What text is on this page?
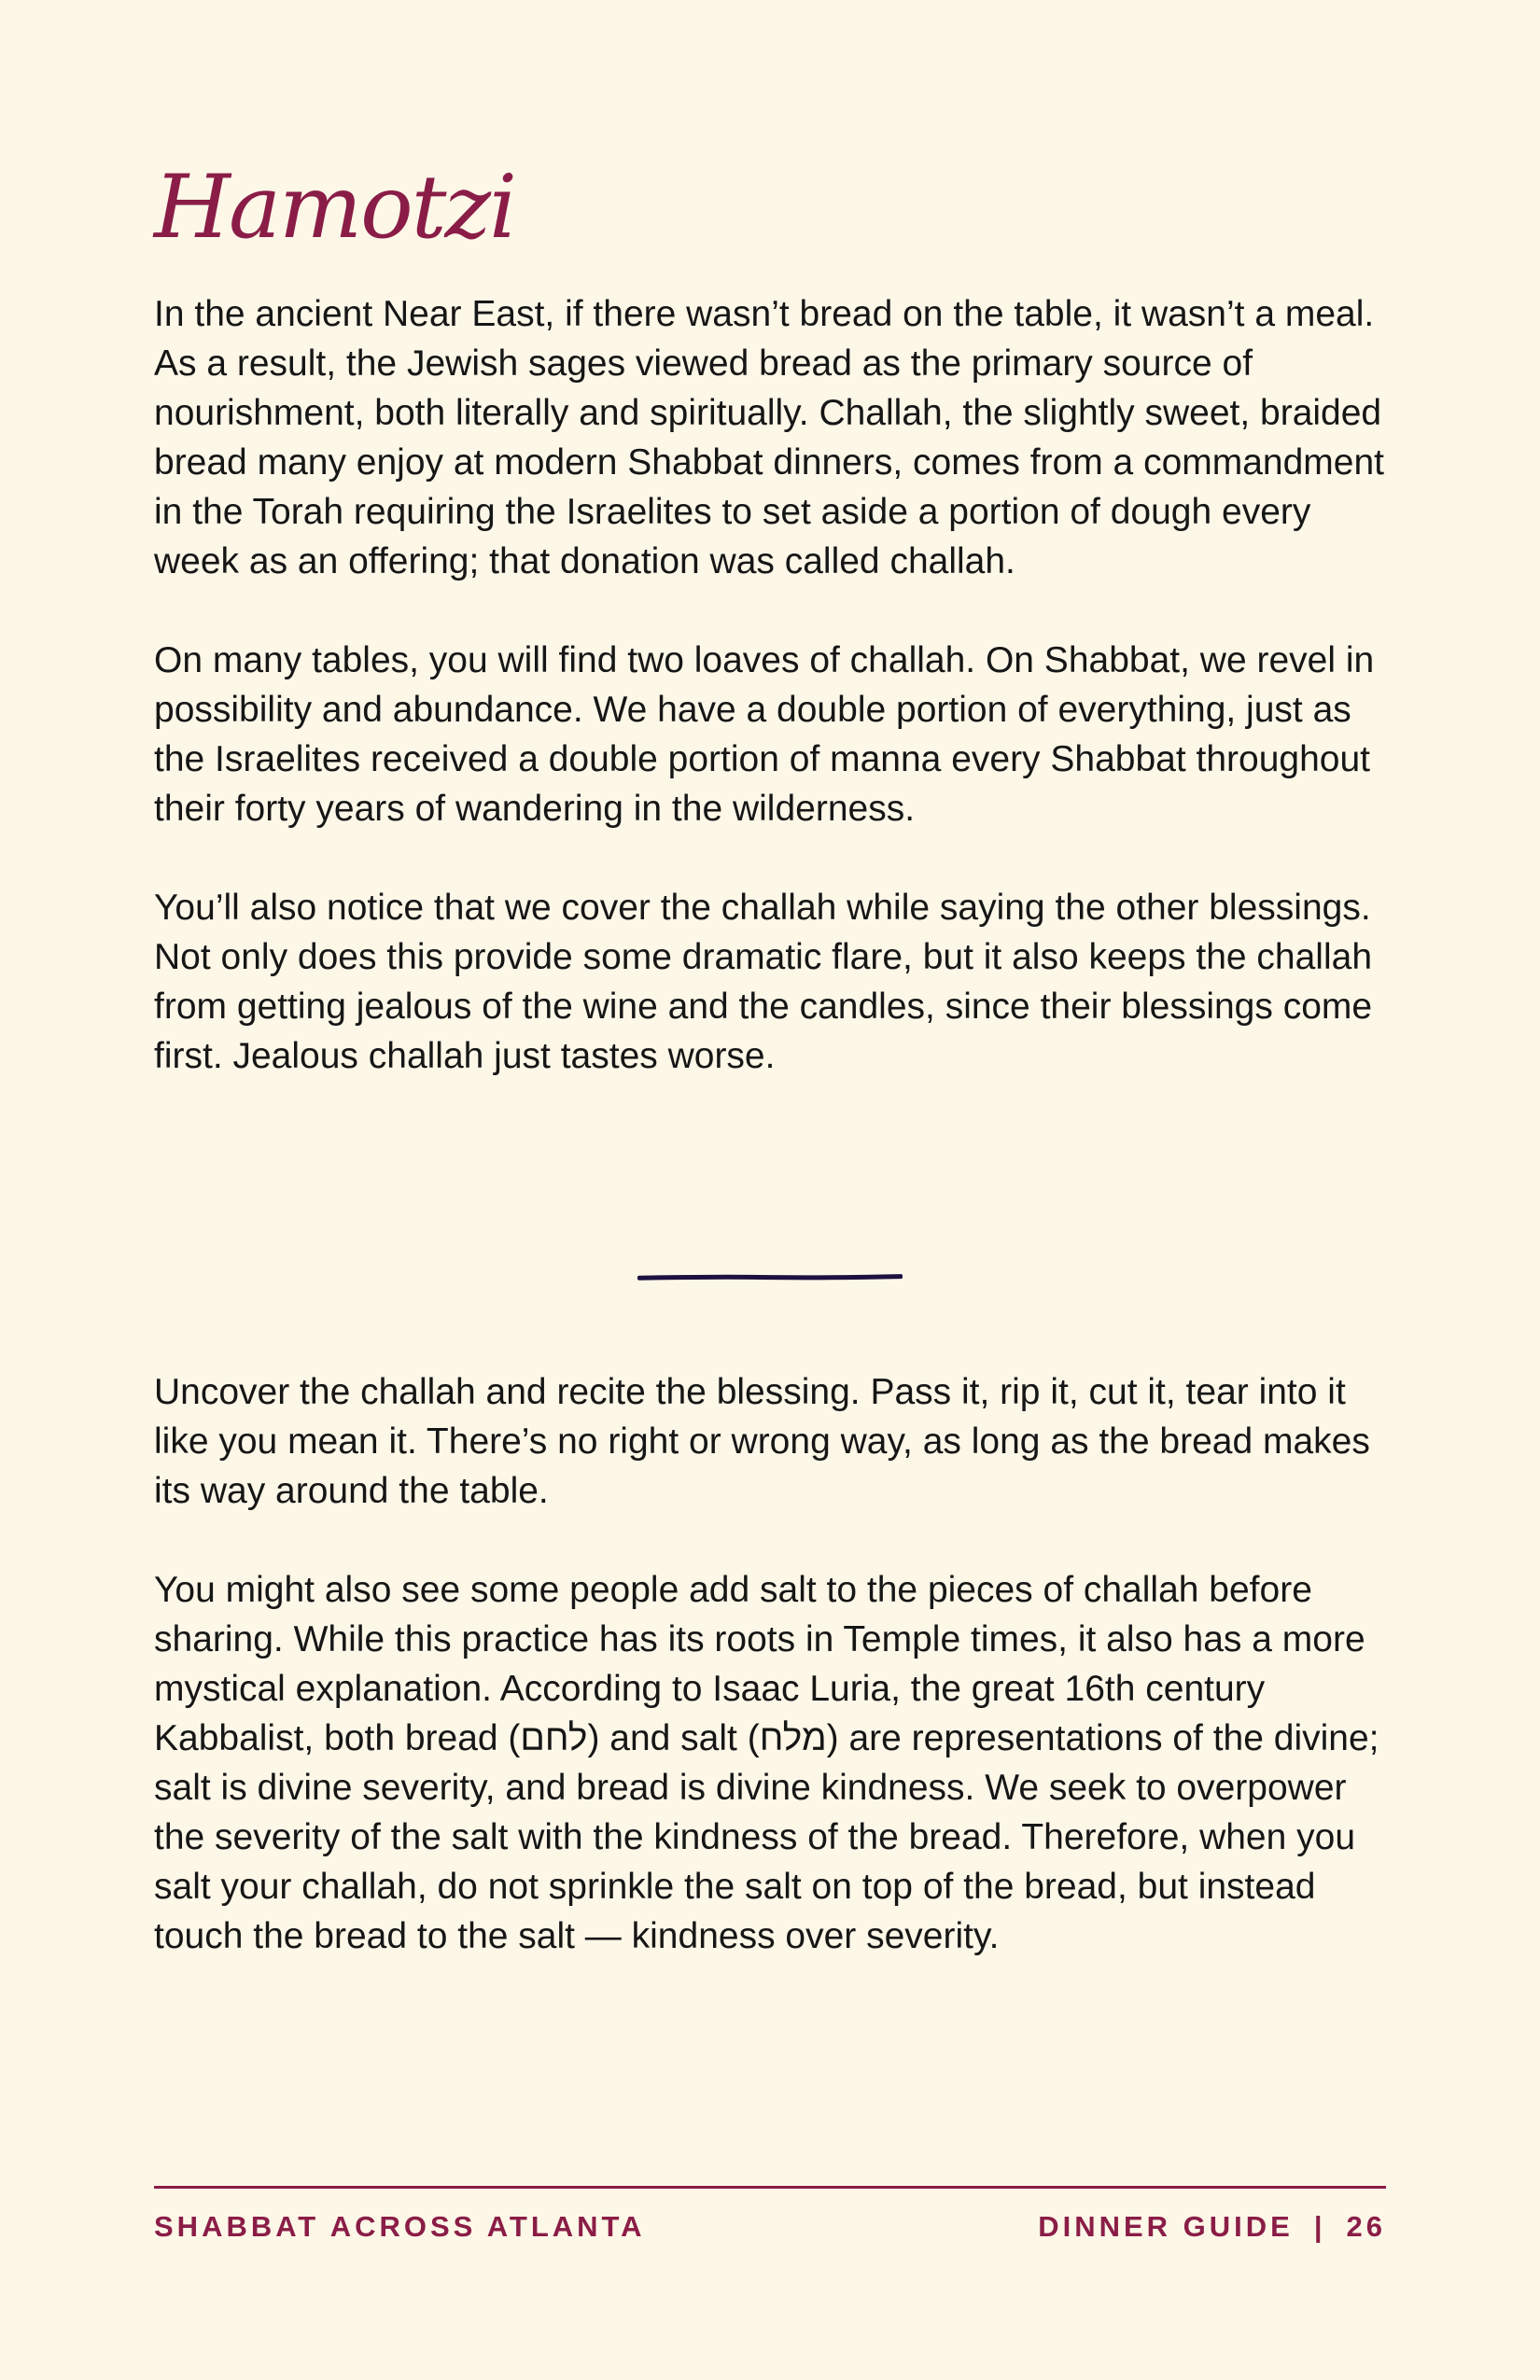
Hamotzi

In the ancient Near East, if there wasn’t bread on the table, it wasn’t a meal. As a result, the Jewish sages viewed bread as the primary source of nourishment, both literally and spiritually. Challah, the slightly sweet, braided bread many enjoy at modern Shabbat dinners, comes from a commandment in the Torah requiring the Israelites to set aside a portion of dough every week as an offering; that donation was called challah.

On many tables, you will find two loaves of challah. On Shabbat, we revel in possibility and abundance. We have a double portion of everything, just as the Israelites received a double portion of manna every Shabbat throughout their forty years of wandering in the wilderness.

You’ll also notice that we cover the challah while saying the other blessings. Not only does this provide some dramatic flare, but it also keeps the challah from getting jealous of the wine and the candles, since their blessings come first. Jealous challah just tastes worse.

Uncover the challah and recite the blessing. Pass it, rip it, cut it, tear into it like you mean it. There’s no right or wrong way, as long as the bread makes its way around the table.

You might also see some people add salt to the pieces of challah before sharing. While this practice has its roots in Temple times, it also has a more mystical explanation. According to Isaac Luria, the great 16th century Kabbalist, both bread (לחם) and salt (מלח) are representations of the divine; salt is divine severity, and bread is divine kindness. We seek to overpower the severity of the salt with the kindness of the bread. Therefore, when you salt your challah, do not sprinkle the salt on top of the bread, but instead touch the bread to the salt — kindness over severity.

SHABBAT ACROSS ATLANTA	DINNER GUIDE | 26
